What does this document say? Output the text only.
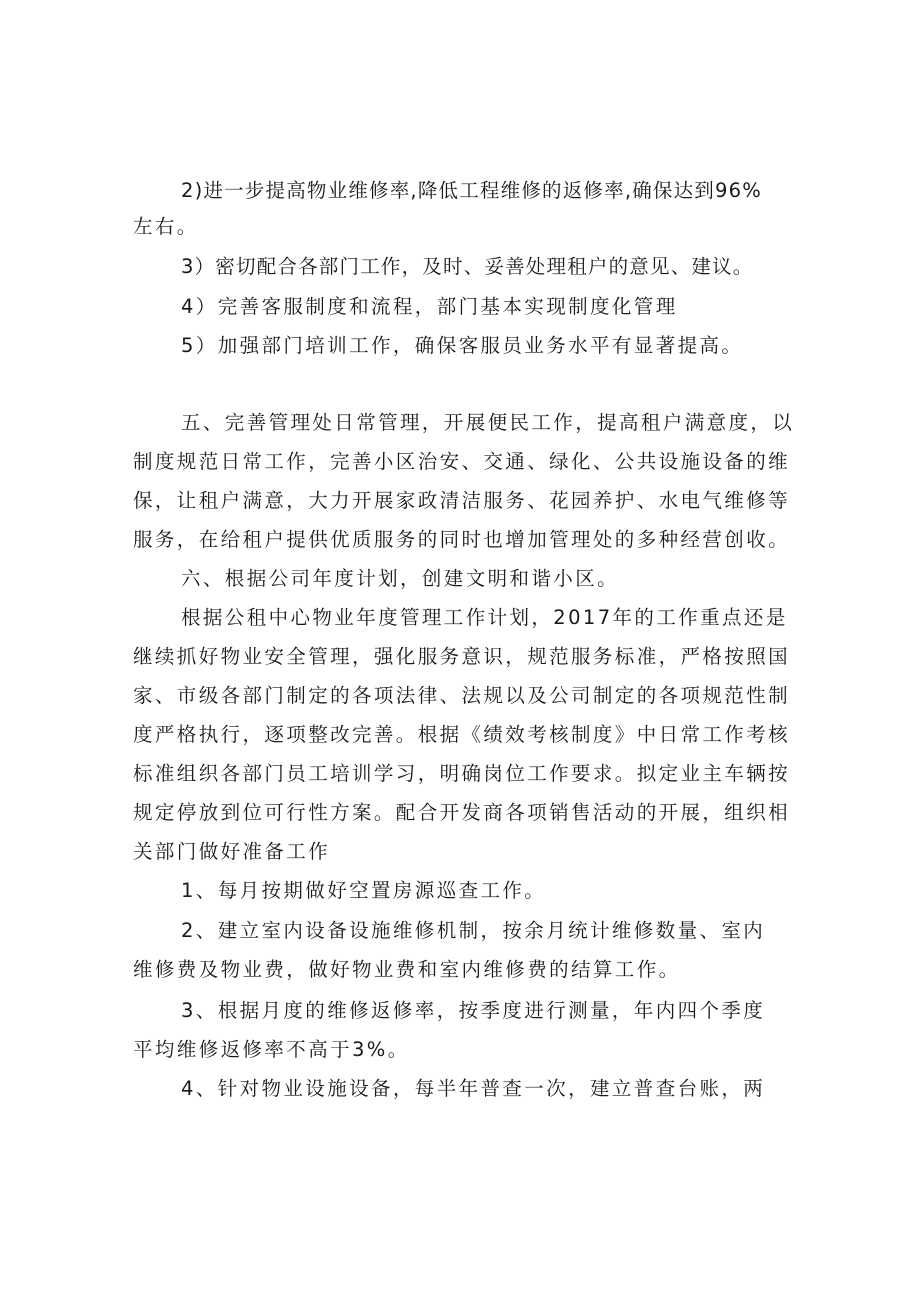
2)进一步提高物业维修率,降低工程维修的返修率,确保达到96%
左右。
3）密切配合各部门工作，及时、妥善处理租户的意见、建议。
4）完善客服制度和流程，部门基本实现制度化管理
5）加强部门培训工作，确保客服员业务水平有显著提高。
五、完善管理处日常管理，开展便民工作，提高租户满意度，以
制度规范日常工作，完善小区治安、交通、绿化、公共设施设备的维
保，让租户满意，大力开展家政清洁服务、花园养护、水电气维修等
服务，在给租户提供优质服务的同时也增加管理处的多种经营创收。
六、根据公司年度计划，创建文明和谐小区。
根据公租中心物业年度管理工作计划，2017年的工作重点还是
继续抓好物业安全管理，强化服务意识，规范服务标准，严格按照国
家、市级各部门制定的各项法律、法规以及公司制定的各项规范性制
度严格执行，逐项整改完善。根据《绩效考核制度》中日常工作考核
标准组织各部门员工培训学习，明确岗位工作要求。拟定业主车辆按
规定停放到位可行性方案。配合开发商各项销售活动的开展，组织相
关部门做好准备工作
1、每月按期做好空置房源巡查工作。
2、建立室内设备设施维修机制，按余月统计维修数量、室内
维修费及物业费，做好物业费和室内维修费的结算工作。
3、根据月度的维修返修率，按季度进行测量，年内四个季度
平均维修返修率不高于3%。
4、针对物业设施设备，每半年普查一次，建立普查台账，两
